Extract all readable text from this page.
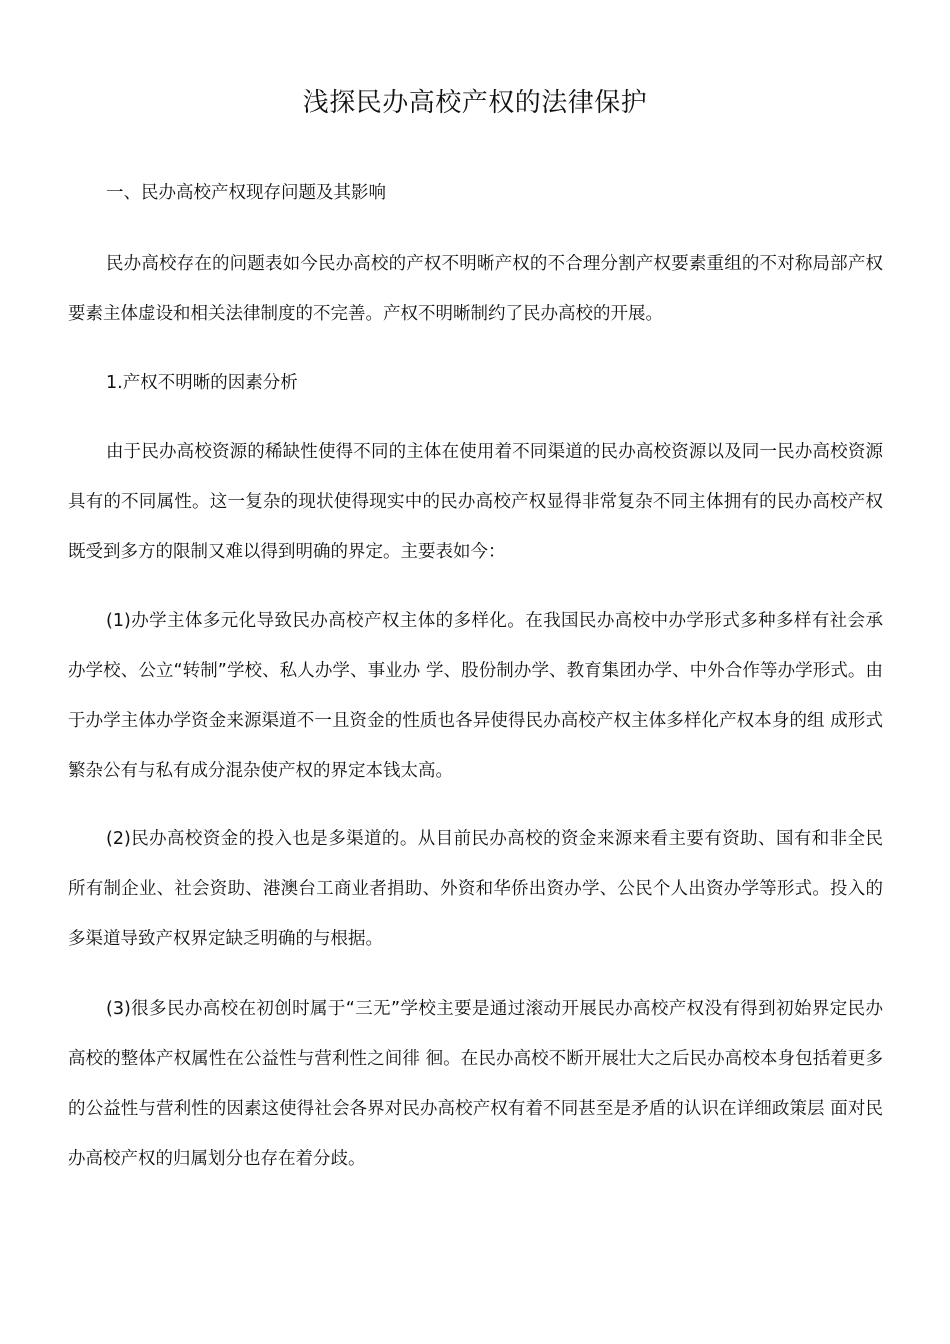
浅探民办高校产权的法律保护

一、民办高校产权现存问题及其影响

民办高校存在的问题表如今民办高校的产权不明晰产权的不合理分割产权要素重组的不对称局部产权要素主体虚设和相关法律制度的不完善。产权不明晰制约了民办高校的开展。

1.产权不明晰的因素分析

由于民办高校资源的稀缺性使得不同的主体在使用着不同渠道的民办高校资源以及同一民办高校资源具有的不同属性。这一复杂的现状使得现实中的民办高校产权显得非常复杂不同主体拥有的民办高校产权既受到多方的限制又难以得到明确的界定。主要表如今：

(1)办学主体多元化导致民办高校产权主体的多样化。在我国民办高校中办学形式多种多样有社会承办学校、公立“转制”学校、私人办学、事业办 学、股份制办学、教育集团办学、中外合作等办学形式。由于办学主体办学资金来源渠道不一且资金的性质也各异使得民办高校产权主体多样化产权本身的组 成形式繁杂公有与私有成分混杂使产权的界定本钱太高。

(2)民办高校资金的投入也是多渠道的。从目前民办高校的资金来源来看主要有资助、国有和非全民所有制企业、社会资助、港澳台工商业者捐助、外资和华侨出资办学、公民个人出资办学等形式。投入的多渠道导致产权界定缺乏明确的与根据。

(3)很多民办高校在初创时属于“三无”学校主要是通过滚动开展民办高校产权没有得到初始界定民办高校的整体产权属性在公益性与营利性之间徘 徊。在民办高校不断开展壮大之后民办高校本身包括着更多的公益性与营利性的因素这使得社会各界对民办高校产权有着不同甚至是矛盾的认识在详细政策层 面对民办高校产权的归属划分也存在着分歧。
